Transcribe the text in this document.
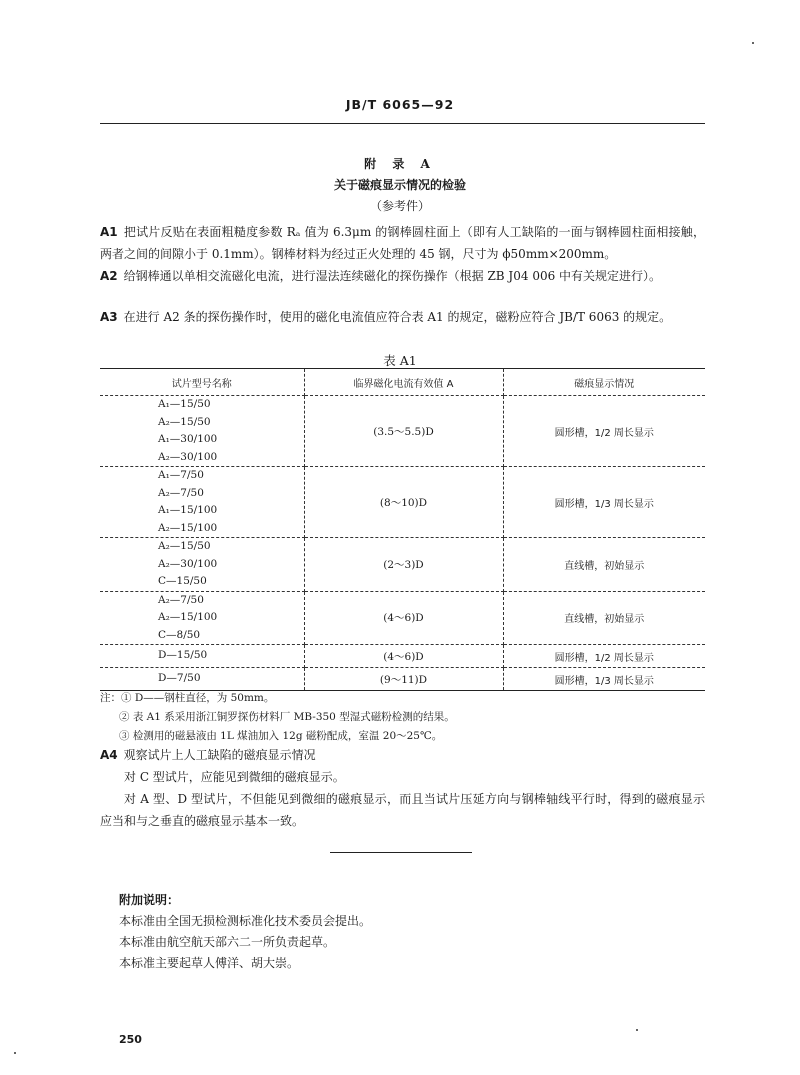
JB/T 6065—92
附 录 A
关于磁痕显示情况的检验
（参考件）
A1 把试片反贴在表面粗糙度参数 Rₐ 值为 6.3μm 的钢棒圆柱面上（即有人工缺陷的一面与钢棒圆柱面相接触，两者之间的间隙小于 0.1mm）。钢棒材料为经过正火处理的 45 钢，尺寸为 ϕ50mm×200mm。
A2 给钢棒通以单相交流磁化电流，进行湿法连续磁化的探伤操作（根据 ZB J04 006 中有关规定进行）。
A3 在进行 A2 条的探伤操作时，使用的磁化电流值应符合表 A1 的规定，磁粉应符合 JB/T 6063 的规定。
表 A1
试片型号名称	临界磁化电流有效值 A	磁痕显示情况

A₁—15/50
A₂—15/50
A₁—30/100
A₂—30/100	(3.5～5.5)D	圆形槽，1/2 周长显示

A₁—7/50
A₂—7/50
A₁—15/100
A₂—15/100	(8～10)D	圆形槽，1/3 周长显示

A₂—15/50
A₂—30/100
C—15/50	(2～3)D	直线槽，初始显示

A₂—7/50
A₂—15/100
C—8/50	(4～6)D	直线槽，初始显示

D—15/50	(4～6)D	圆形槽，1/2 周长显示

D—7/50	(9～11)D	圆形槽，1/3 周长显示
注：① D——钢柱直径，为 50mm。
② 表 A1 系采用浙江铜罗探伤材料厂 MB-350 型湿式磁粉检测的结果。
③ 检测用的磁悬液由 1L 煤油加入 12g 磁粉配成，室温 20～25℃。
A4 观察试片上人工缺陷的磁痕显示情况
对 C 型试片，应能见到微细的磁痕显示。
对 A 型、D 型试片，不但能见到微细的磁痕显示，而且当试片压延方向与钢棒轴线平行时，得到的磁痕显示应当和与之垂直的磁痕显示基本一致。
附加说明：
本标准由全国无损检测标准化技术委员会提出。
本标准由航空航天部六二一所负责起草。
本标准主要起草人傅洋、胡大崇。
250
